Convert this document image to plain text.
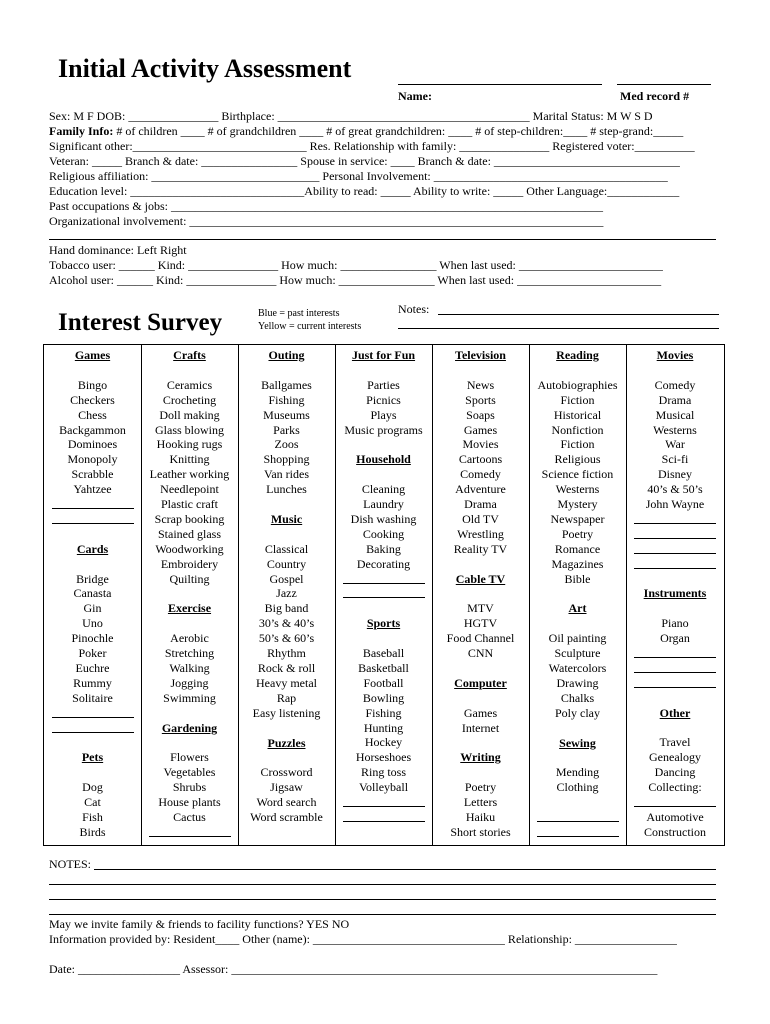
Initial Activity Assessment
Name:	Med record #
Sex: M F DOB: _______________ Birthplace: __________________________________________ Marital Status: M W S D
Family Info: # of children ____ # of grandchildren ____ # of great grandchildren: ____ # of step-children:____ # step-grand:_____
Significant other:_____________________________ Res. Relationship with family: _______________ Registered voter:__________
Veteran: _____ Branch & date: ________________ Spouse in service: ____ Branch & date: _______________________________
Religious affiliation: ____________________________ Personal Involvement: _______________________________________
Education level: _____________________________Ability to read: _____ Ability to write: _____ Other Language:____________
Past occupations & jobs: ________________________________________________________________________
Organizational involvement: _____________________________________________________________________
Hand dominance: Left Right
Tobacco user: ______ Kind: _______________ How much: ________________ When last used: ________________________
Alcohol user: ______ Kind: _______________ How much: ________________ When last used: ________________________
Interest Survey	Blue = past interests
Yellow = current interests
Notes:
Games
Bingo
Checkers
Chess
Backgammon
Dominoes
Monopoly
Scrabble
Yahtzee
Cards
Bridge
Canasta
Gin
Uno
Pinochle
Poker
Euchre
Rummy
Solitaire
Pets
Dog
Cat
Fish
Birds
Crafts
Ceramics
Crocheting
Doll making
Glass blowing
Hooking rugs
Knitting
Leather working
Needlepoint
Plastic craft
Scrap booking
Stained glass
Woodworking
Embroidery
Quilting
Exercise
Aerobic
Stretching
Walking
Jogging
Swimming
Gardening
Flowers
Vegetables
Shrubs
House plants
Cactus
Outing
Ballgames
Fishing
Museums
Parks
Zoos
Shopping
Van rides
Lunches
Music
Classical
Country
Gospel
Jazz
Big band
30’s & 40’s
50’s & 60’s
Rhythm
Rock & roll
Heavy metal
Rap
Easy listening
Puzzles
Crossword
Jigsaw
Word search
Word scramble
Just for Fun
Parties
Picnics
Plays
Music programs
Household
Cleaning
Laundry
Dish washing
Cooking
Baking
Decorating
Sports
Baseball
Basketball
Football
Bowling
Fishing
Hunting
Hockey
Horseshoes
Ring toss
Volleyball
Television
News
Sports
Soaps
Games
Movies
Cartoons
Comedy
Adventure
Drama
Old TV
Wrestling
Reality TV
Cable TV
MTV
HGTV
Food Channel
CNN
Computer
Games
Internet
Writing
Poetry
Letters
Haiku
Short stories
Reading
Autobiographies
Fiction
Historical
Nonfiction
Fiction
Religious
Science fiction
Westerns
Mystery
Newspaper
Poetry
Romance
Magazines
Bible
Art
Oil painting
Sculpture
Watercolors
Drawing
Chalks
Poly clay
Sewing
Mending
Clothing
Movies
Comedy
Drama
Musical
Westerns
War
Sci-fi
Disney
40’s & 50’s
John Wayne
Instruments
Piano
Organ
Other
Travel
Genealogy
Dancing
Collecting:
Automotive
Construction
NOTES:
May we invite family & friends to facility functions? YES NO
Information provided by: Resident____ Other (name): ________________________________ Relationship: _________________
Date: _________________ Assessor: _______________________________________________________________________
